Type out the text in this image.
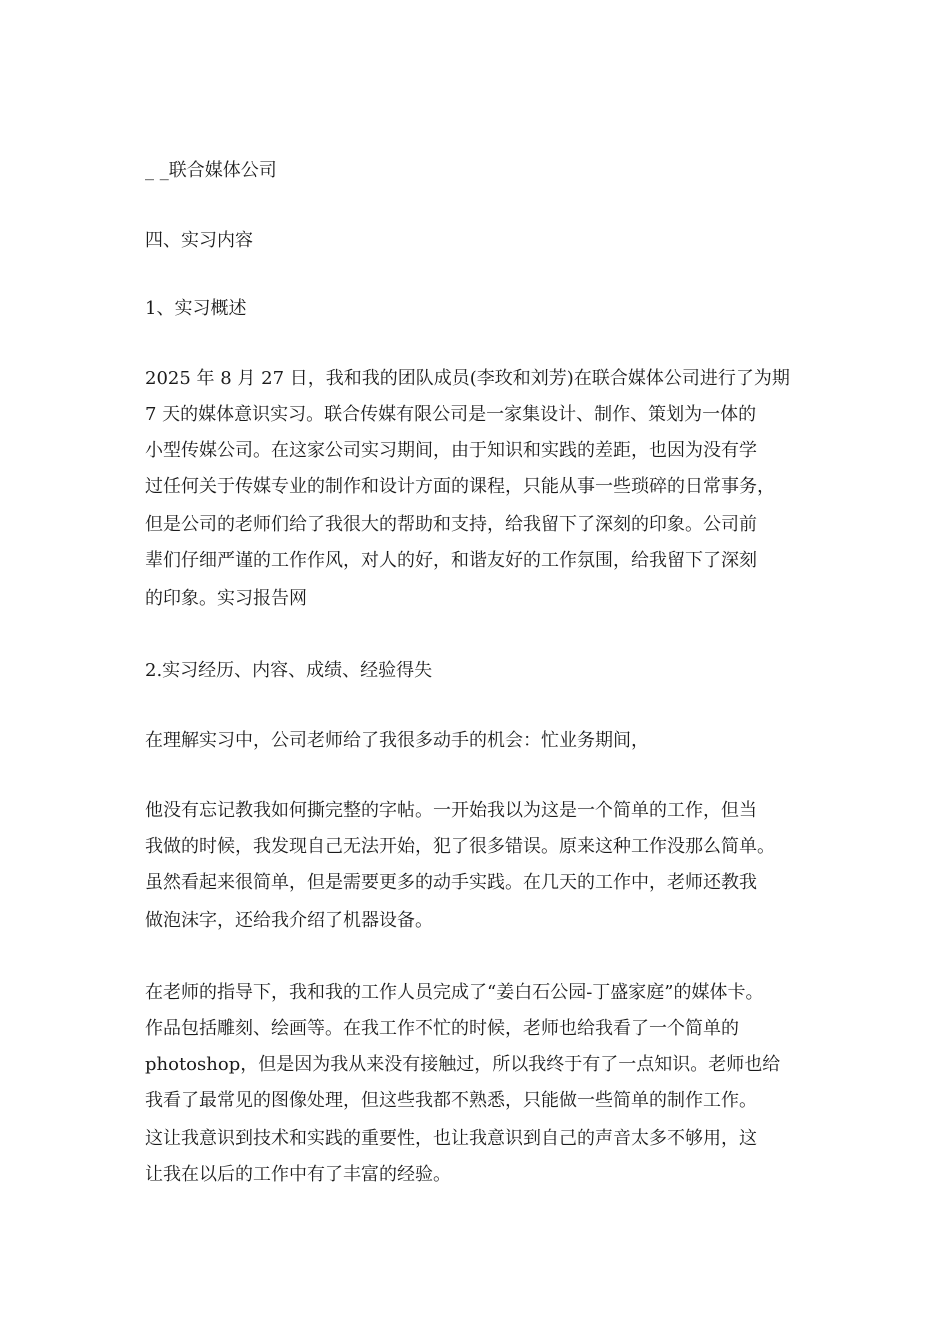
_ _联合媒体公司
四、实习内容
1、实习概述
2025 年 8 月 27 日，我和我的团队成员(李玫和刘芳)在联合媒体公司进行了为期
7 天的媒体意识实习。联合传媒有限公司是一家集设计、制作、策划为一体的
小型传媒公司。在这家公司实习期间，由于知识和实践的差距，也因为没有学
过任何关于传媒专业的制作和设计方面的课程，只能从事一些琐碎的日常事务，
但是公司的老师们给了我很大的帮助和支持，给我留下了深刻的印象。公司前
辈们仔细严谨的工作作风，对人的好，和谐友好的工作氛围，给我留下了深刻
的印象。实习报告网
2.实习经历、内容、成绩、经验得失
在理解实习中，公司老师给了我很多动手的机会：忙业务期间，
他没有忘记教我如何撕完整的字帖。一开始我以为这是一个简单的工作，但当
我做的时候，我发现自己无法开始，犯了很多错误。原来这种工作没那么简单。
虽然看起来很简单，但是需要更多的动手实践。在几天的工作中，老师还教我
做泡沫字，还给我介绍了机器设备。
在老师的指导下，我和我的工作人员完成了“姜白石公园-丁盛家庭”的媒体卡。
作品包括雕刻、绘画等。在我工作不忙的时候，老师也给我看了一个简单的
photoshop，但是因为我从来没有接触过，所以我终于有了一点知识。老师也给
我看了最常见的图像处理，但这些我都不熟悉，只能做一些简单的制作工作。
这让我意识到技术和实践的重要性，也让我意识到自己的声音太多不够用，这
让我在以后的工作中有了丰富的经验。
